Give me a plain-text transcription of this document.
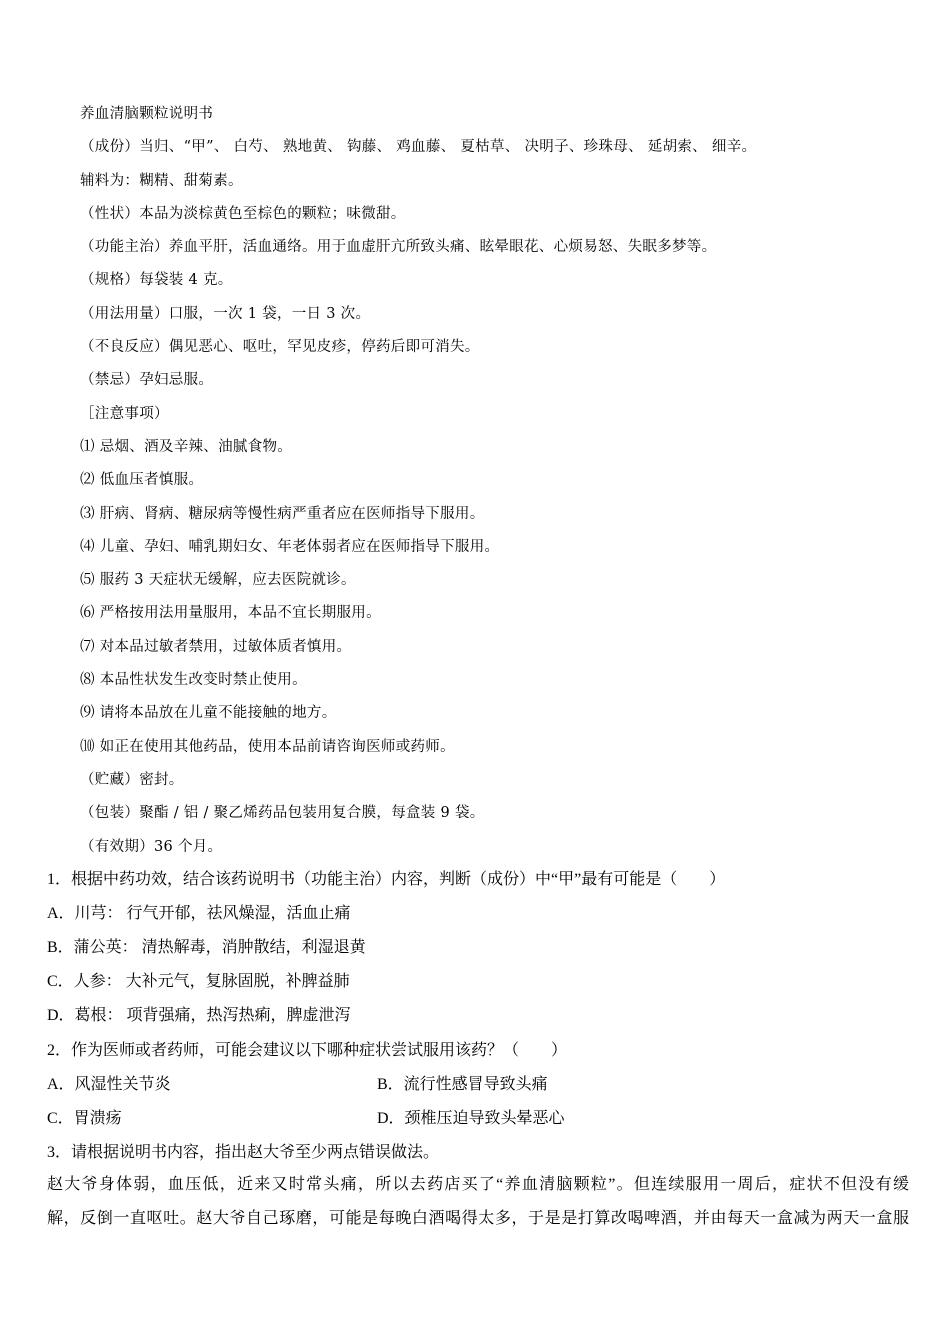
养血清脑颗粒说明书
（成份）当归、“甲”、 白芍、 熟地黄、 钩藤、 鸡血藤、 夏枯草、 决明子、珍珠母、 延胡索、 细辛。
辅料为：糊精、甜菊素。
（性状）本品为淡棕黄色至棕色的颗粒；味微甜。
（功能主治）养血平肝，活血通络。用于血虚肝亢所致头痛、眩晕眼花、心烦易怒、失眠多梦等。
（规格）每袋装 4 克。
（用法用量）口服，一次 1 袋，一日 3 次。
（不良反应）偶见恶心、呕吐，罕见皮疹，停药后即可消失。
（禁忌）孕妇忌服。
［注意事项）
⑴ 忌烟、酒及辛辣、油腻食物。
⑵ 低血压者慎服。
⑶ 肝病、肾病、糖尿病等慢性病严重者应在医师指导下服用。
⑷ 儿童、孕妇、哺乳期妇女、年老体弱者应在医师指导下服用。
⑸ 服药 3 天症状无缓解，应去医院就诊。
⑹ 严格按用法用量服用，本品不宜长期服用。
⑺ 对本品过敏者禁用，过敏体质者慎用。
⑻ 本品性状发生改变时禁止使用。
⑼ 请将本品放在儿童不能接触的地方。
⑽ 如正在使用其他药品，使用本品前请咨询医师或药师。
（贮藏）密封。
（包装）聚酯 / 铝 / 聚乙烯药品包装用复合膜，每盒装 9 袋。
（有效期）36 个月。
1．根据中药功效，结合该药说明书（功能主治）内容，判断（成份）中“甲”最有可能是（　　）
A．川芎： 行气开郁，祛风燥湿，活血止痛
B．蒲公英： 清热解毒，消肿散结，利湿退黄
C．人参： 大补元气，复脉固脱，补脾益肺
D．葛根： 项背强痛，热泻热痢，脾虚泄泻
2．作为医师或者药师，可能会建议以下哪种症状尝试服用该药？（　　）
A．风湿性关节炎	B．流行性感冒导致头痛
C．胃溃疡	D．颈椎压迫导致头晕恶心
3．请根据说明书内容，指出赵大爷至少两点错误做法。
赵大爷身体弱，血压低，近来又时常头痛，所以去药店买了“养血清脑颗粒”。但连续服用一周后，症状不但没有缓
解，反倒一直呕吐。赵大爷自己琢磨，可能是每晚白酒喝得太多，于是是打算改喝啤酒，并由每天一盒减为两天一盒服
